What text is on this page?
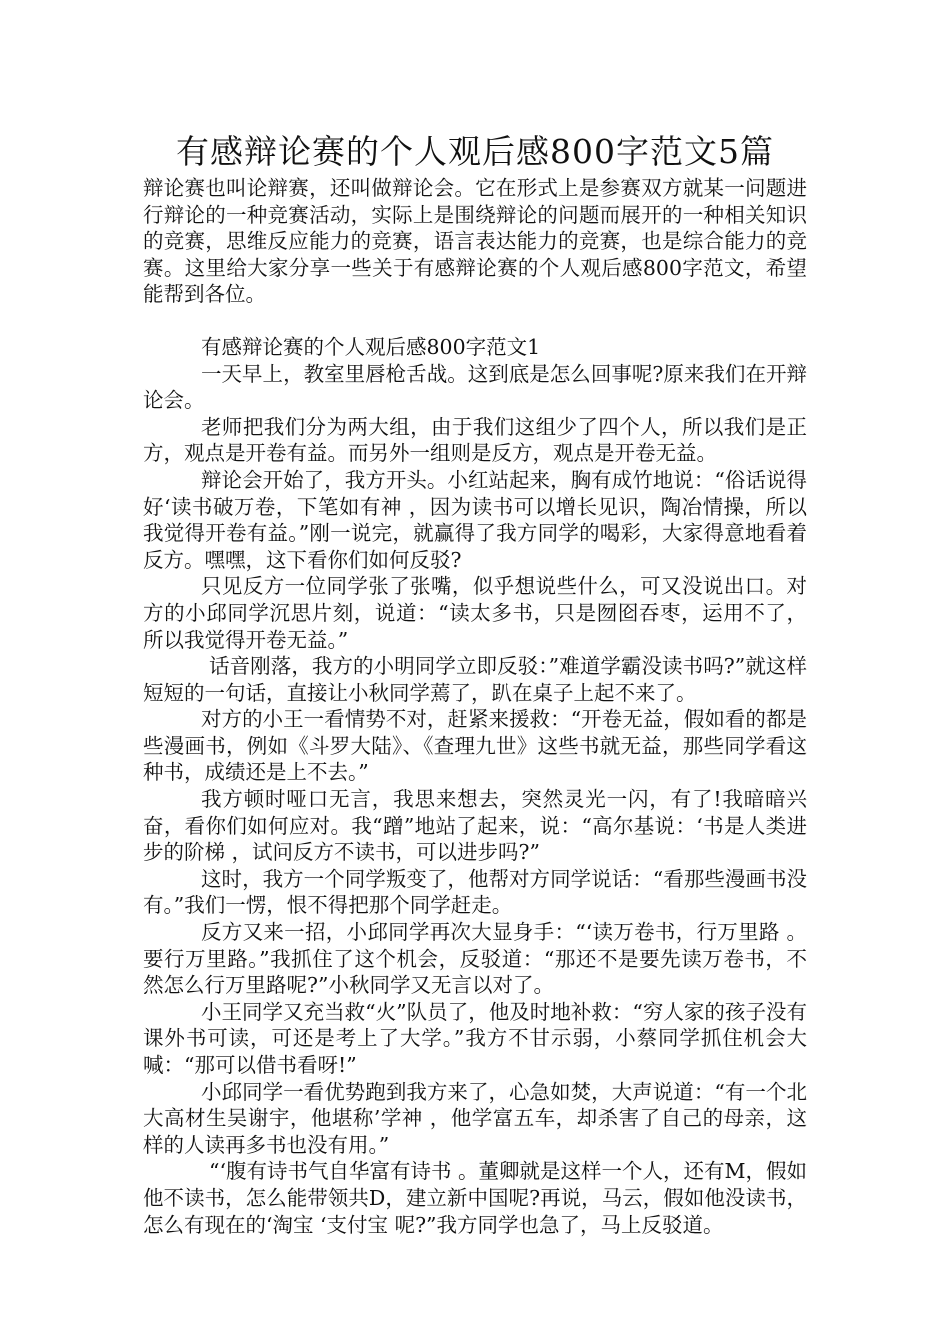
有感辩论赛的个人观后感800字范文5篇

辩论赛也叫论辩赛，还叫做辩论会。它在形式上是参赛双方就某一问题进行辩论的一种竞赛活动，实际上是围绕辩论的问题而展开的一种相关知识的竞赛，思维反应能力的竞赛，语言表达能力的竞赛，也是综合能力的竞赛。这里给大家分享一些关于有感辩论赛的个人观后感800字范文，希望能帮到各位。

有感辩论赛的个人观后感800字范文1

一天早上，教室里唇枪舌战。这到底是怎么回事呢?原来我们在开辩论会。

老师把我们分为两大组，由于我们这组少了四个人，所以我们是正方，观点是开卷有益。而另外一组则是反方，观点是开卷无益。

辩论会开始了，我方开头。小红站起来，胸有成竹地说：“俗话说得好‘读书破万卷，下笔如有神 ，因为读书可以增长见识，陶冶情操，所以我觉得开卷有益。”刚一说完，就赢得了我方同学的喝彩，大家得意地看着反方。嘿嘿，这下看你们如何反驳?

只见反方一位同学张了张嘴，似乎想说些什么，可又没说出口。对方的小邱同学沉思片刻，说道：“读太多书，只是囫囵吞枣，运用不了，所以我觉得开卷无益。”

话音刚落，我方的小明同学立即反驳：”难道学霸没读书吗?”就这样短短的一句话，直接让小秋同学蔫了，趴在桌子上起不来了。

对方的小王一看情势不对，赶紧来援救：“开卷无益，假如看的都是些漫画书，例如《斗罗大陆》、《查理九世》这些书就无益，那些同学看这种书，成绩还是上不去。”

我方顿时哑口无言，我思来想去，突然灵光一闪，有了!我暗暗兴奋，看你们如何应对。我“蹭”地站了起来，说：“高尔基说：‘书是人类进步的阶梯 ，试问反方不读书，可以进步吗?”

这时，我方一个同学叛变了，他帮对方同学说话：“看那些漫画书没有。”我们一愣，恨不得把那个同学赶走。

反方又来一招，小邱同学再次大显身手：“‘读万卷书，行万里路 。要行万里路。”我抓住了这个机会，反驳道：“那还不是要先读万卷书，不然怎么行万里路呢?”小秋同学又无言以对了。

小王同学又充当救“火”队员了，他及时地补救：“穷人家的孩子没有课外书可读，可还是考上了大学。”我方不甘示弱，小蔡同学抓住机会大喊：“那可以借书看呀!”

小邱同学一看优势跑到我方来了，心急如焚，大声说道：“有一个北大高材生吴谢宇，他堪称’学神 ，他学富五车，却杀害了自己的母亲，这样的人读再多书也没有用。”

“‘腹有诗书气自华富有诗书 。董卿就是这样一个人，还有M，假如他不读书，怎么能带领共D，建立新中国呢?再说，马云，假如他没读书，怎么有现在的‘淘宝 ‘支付宝 呢?”我方同学也急了，马上反驳道。
